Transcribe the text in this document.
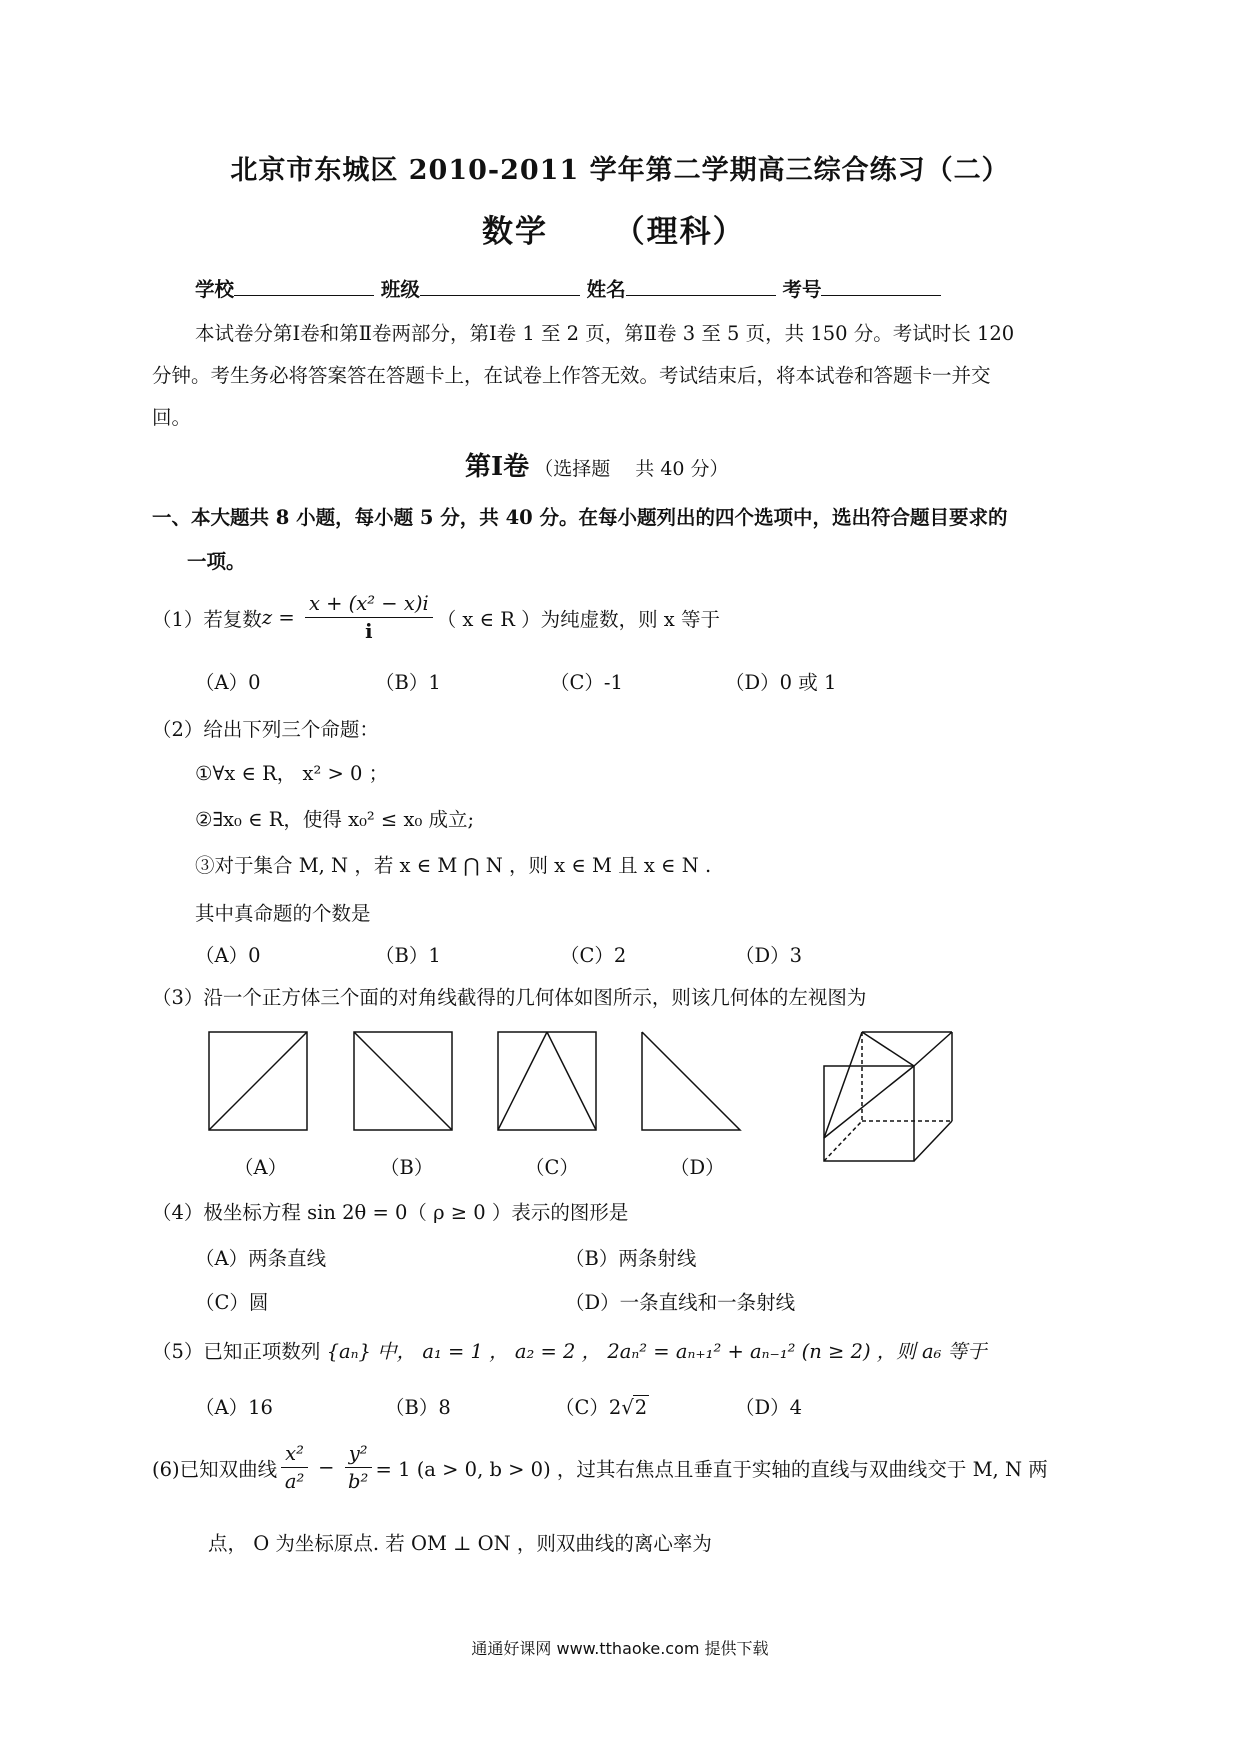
北京市东城区 2010-2011 学年第二学期高三综合练习（二）
数学 （理科）
学校	班级	姓名	考号
本试卷分第Ⅰ卷和第Ⅱ卷两部分，第Ⅰ卷 1 至 2 页，第Ⅱ卷 3 至 5 页，共 150 分。考试时长 120
分钟。考生务必将答案答在答题卡上，在试卷上作答无效。考试结束后，将本试卷和答题卡一并交
回。
第Ⅰ卷 （选择题　 共 40 分）
一、本大题共 8 小题，每小题 5 分，共 40 分。在每小题列出的四个选项中，选出符合题目要求的
一项。
（1）若复数 $z = \frac{\text{x + (x² − x)i}}{i}$ （ x ∈ R ）为纯虚数，则 x 等于
（A）0	（B）1	（C）-1	（D）0 或 1
（2）给出下列三个命题：
①∀x ∈ R， x² > 0 ；
②∃x₀ ∈ R，使得 x₀² ≤ x₀ 成立;
③对于集合 M, N ，若 x ∈ M ⋂ N ，则 x ∈ M 且 x ∈ N .
其中真命题的个数是
（A）0	（B）1	（C）2	（D）3
（3）沿一个正方体三个面的对角线截得的几何体如图所示，则该几何体的左视图为
（A）	（B）	（C）	（D）
（4）极坐标方程 sin 2θ = 0（ ρ ≥ 0 ）表示的图形是
（A）两条直线	（B）两条射线
（C）圆	（D）一条直线和一条射线
（5）已知正项数列 {aₙ} 中， a₁ = 1 ， a₂ = 2 ， 2aₙ² = aₙ₊₁² + aₙ₋₁² (n ≥ 2) ，则 a₆ 等于
（A）16	（B）8	（C）2√2	（D）4
(6)已知双曲线 $\frac{\text{x²}}{\text{a²}} - \frac{\text{y²}}{\text{b²}} = 1$ (a > 0, b > 0) ，过其右焦点且垂直于实轴的直线与双曲线交于 M, N 两
点， O 为坐标原点. 若 OM ⊥ ON ，则双曲线的离心率为
通通好课网 www.tthaoke.com 提供下载
